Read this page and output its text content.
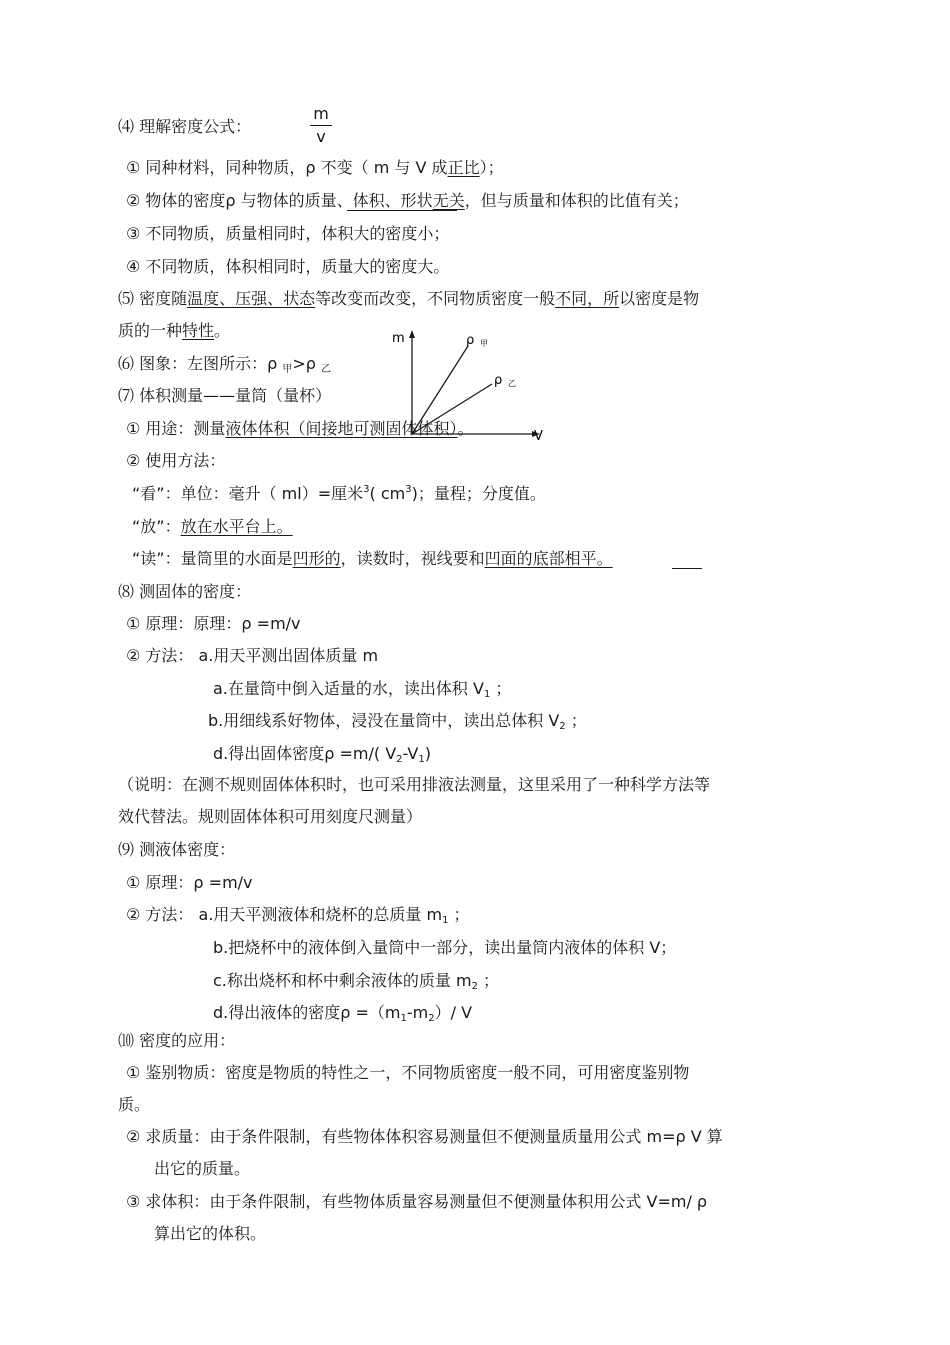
⑷ 理解密度公式：
m
v
① 同种材料，同种物质，ρ 不变（ m 与 V 成正比）；
② 物体的密度ρ 与物体的质量、体积、形状无关，但与质量和体积的比值有关；
③ 不同物质，质量相同时，体积大的密度小；
④ 不同物质，体积相同时，质量大的密度大。
⑸ 密度随温度、压强、状态等改变而改变，不同物质密度一般不同，所以密度是物
质的一种特性。
⑹ 图象：左图所示：ρ 甲>ρ 乙
m
V
ρ 甲
ρ 乙
⑺ 体积测量——量筒（量杯）
① 用途：测量液体体积（间接地可测固体体积）。
② 使用方法：
“看”：单位：毫升（ ml）=厘米$^3$( $cm^3$)；量程；分度值。
“放”：放在水平台上。
“读”：量筒里的水面是凹形的，读数时，视线要和凹面的底部相平。
⑻ 测固体的密度：
① 原理：原理：ρ =m/v
② 方法： a.用天平测出固体质量 m
a.在量筒中倒入适量的水，读出体积 V1 ；
b.用细线系好物体，浸没在量筒中，读出总体积 V2 ；
d.得出固体密度ρ =m/( V2-V1)
（说明：在测不规则固体体积时，也可采用排液法测量，这里采用了一种科学方法等
效代替法。规则固体体积可用刻度尺测量）
⑼ 测液体密度：
① 原理：ρ =m/v
② 方法： a.用天平测液体和烧杯的总质量 m1 ；
b.把烧杯中的液体倒入量筒中一部分，读出量筒内液体的体积 V；
c.称出烧杯和杯中剩余液体的质量 m2 ；
d.得出液体的密度ρ =（m1-m2）/ V
⑽ 密度的应用：
① 鉴别物质：密度是物质的特性之一，不同物质密度一般不同，可用密度鉴别物
质。
② 求质量：由于条件限制，有些物体体积容易测量但不便测量质量用公式 m=ρ V 算
出它的质量。
③ 求体积：由于条件限制，有些物体质量容易测量但不便测量体积用公式 V=m/ ρ
算出它的体积。
